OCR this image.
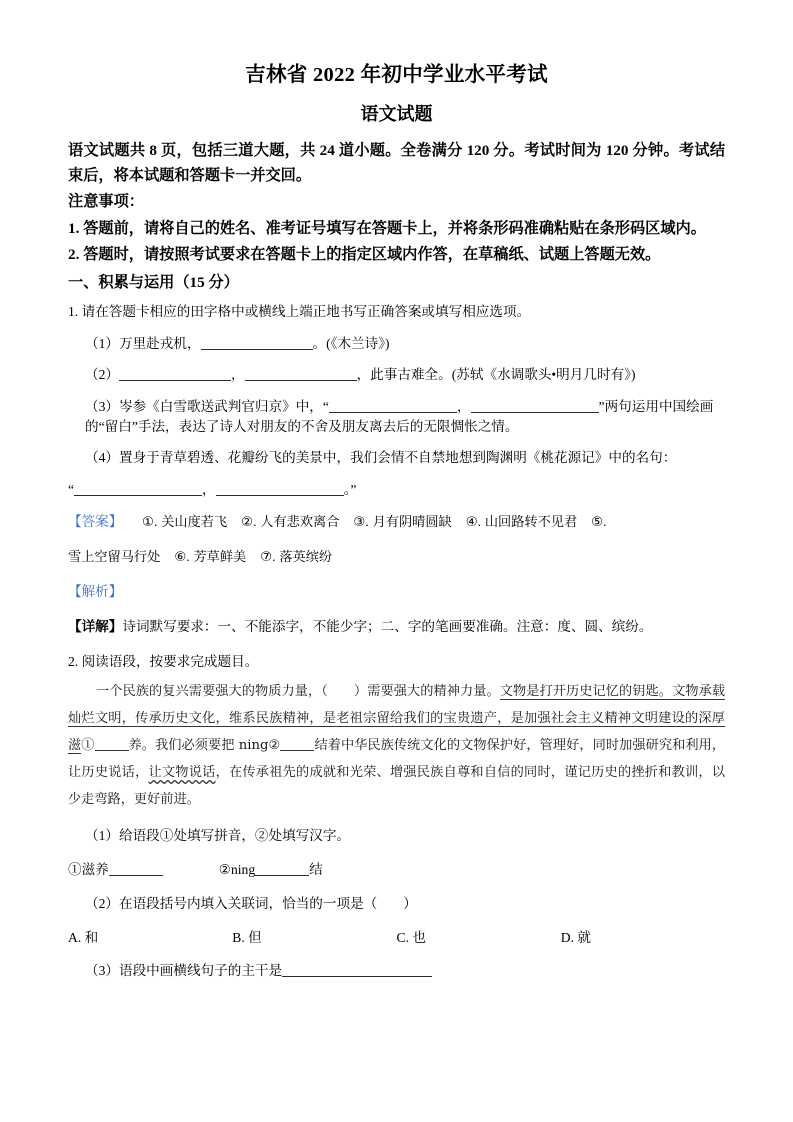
吉林省 2022 年初中学业水平考试
语文试题

语文试题共 8 页，包括三道大题，共 24 道小题。全卷满分 120 分。考试时间为 120 分钟。考试结束后，将本试题和答题卡一并交回。

注意事项：

1. 答题前，请将自己的姓名、准考证号填写在答题卡上，并将条形码准确粘贴在条形码区域内。

2. 答题时，请按照考试要求在答题卡上的指定区域内作答，在草稿纸、试题上答题无效。

一、积累与运用（15 分）

1. 请在答题卡相应的田字格中或横线上端正地书写正确答案或填写相应选项。

（1）万里赴戎机，	。(《木兰诗》)

（2）	，	，此事古难全。(苏轼《水调歌头•明月几时有》)

（3）岑参《白雪歌送武判官归京》中，“	，	”两句运用中国绘画的“留白”手法，表达了诗人对朋友的不舍及朋友离去后的无限惆怅之情。

（4）置身于青草碧透、花瓣纷飞的美景中，我们会情不自禁地想到陶渊明《桃花源记》中的名句：

“	，	。”

【答案】 ①. 关山度若飞 ②. 人有悲欢离合 ③. 月有阴晴圆缺 ④. 山回路转不见君 ⑤.

雪上空留马行处 ⑥. 芳草鲜美 ⑦. 落英缤纷

【解析】

【详解】诗词默写要求：一、不能添字，不能少字；二、字的笔画要准确。注意：度、圆、缤纷。

2. 阅读语段，按要求完成题目。

一个民族的复兴需要强大的物质力量，（ ）需要强大的精神力量。文物是打开历史记忆的钥匙。文物承载灿烂文明，传承历史文化，维系民族精神，是老祖宗留给我们的宝贵遗产，是加强社会主义精神文明建设的深厚滋①	养。我们必须要把 ning②	结着中华民族传统文化的文物保护好，管理好，同时加强研究和利用，让历史说话，让文物说话，在传承祖先的成就和光荣、增强民族自尊和自信的同时，谨记历史的挫折和教训，以少走弯路，更好前进。

（1）给语段①处填写拼音，②处填写汉字。

①滋养	②ning	结

（2）在语段括号内填入关联词，恰当的一项是（ ）

A. 和	B. 但	C. 也	D. 就

（3）语段中画横线句子的主干是
